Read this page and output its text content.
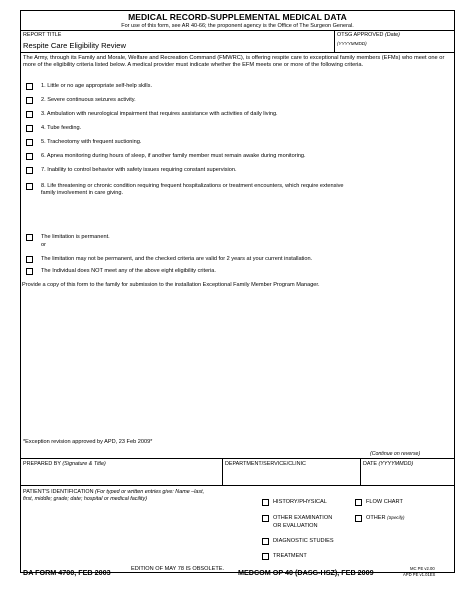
MEDICAL RECORD-SUPPLEMENTAL MEDICAL DATA
For use of this form, see AR 40-66; the proponent agency is the Office of The Surgeon General.
REPORT TITLE
Respite Care Eligibility Review
OTSG APPROVED (Date)
(YYYYMMDD)
The Army, through its Family and Morale, Welfare and Recreation Command (FMWRC), is offering respite care to exceptional family members (EFMs) who meet one or more of the eligibility criteria listed below. A medical provider must indicate whether the EFM meets one or more of the following criteria.
1. Little or no age appropriate self-help skills.
2. Severe continuous seizures activity.
3. Ambulation with neurological impairment that requires assistance with activities of daily living.
4. Tube feeding.
5. Tracheotomy with frequent suctioning.
6. Apnea monitoring during hours of sleep, if another family member must remain awake during monitoring.
7. Inability to control behavior with safety issues requiring constant supervision.
8. Life threatening or chronic condition requiring frequent hospitalizations or treatment encounters, which require extensive family involvement in care giving.
The limitation is permanent.
or
The limitation may not be permanent, and the checked criteria are valid for 2 years at your current installation.
The Individual does NOT meet any of the above eight eligibility criteria.
Provide a copy of this form to the family for submission to the installation Exceptional Family Member Program Manager.
*Exception revision approved by APD, 23 Feb 2009*
(Continue on reverse)
PREPARED BY (Signature & Title)	DEPARTMENT/SERVICE/CLINIC	DATE (YYYYMMDD)
PATIENT'S IDENTIFICATION (For typed or written entries give: Name –last,
first, middle; grade; date; hospital or medical facility)	HISTORY/PHYSICAL	FLOW CHART
OTHER EXAMINATION
OR EVALUATION
OTHER (Specify)
DIAGNOSTIC STUDIES
TREATMENT
DA FORM 4700, FEB 2003	EDITION OF MAY 78 IS OBSOLETE. MEDCOM OP 40 (DASG-HSZ), FEB 2009	MC PE v2.00
APD PE v1.01ES
